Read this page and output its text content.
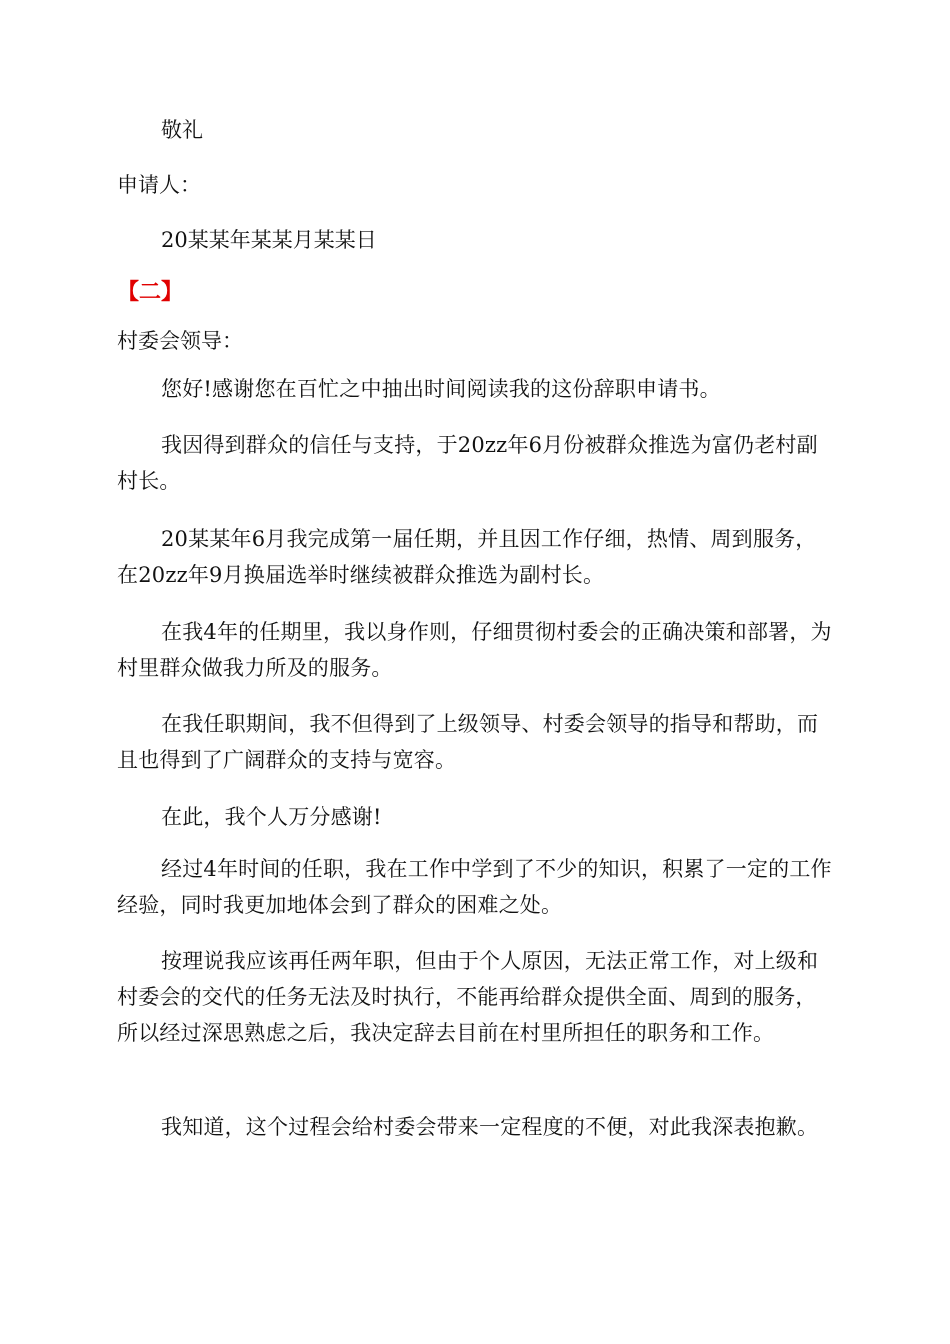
敬礼
申请人：
20某某年某某月某某日
【二】
村委会领导：
您好!感谢您在百忙之中抽出时间阅读我的这份辞职申请书。
我因得到群众的信任与支持，于20zz年6月份被群众推选为富仍老村副村长。
20某某年6月我完成第一届任期，并且因工作仔细，热情、周到服务，在20zz年9月换届选举时继续被群众推选为副村长。
在我4年的任期里，我以身作则，仔细贯彻村委会的正确决策和部署，为村里群众做我力所及的服务。
在我任职期间，我不但得到了上级领导、村委会领导的指导和帮助，而且也得到了广阔群众的支持与宽容。
在此，我个人万分感谢!
经过4年时间的任职，我在工作中学到了不少的知识，积累了一定的工作经验，同时我更加地体会到了群众的困难之处。
按理说我应该再任两年职，但由于个人原因，无法正常工作，对上级和村委会的交代的任务无法及时执行，不能再给群众提供全面、周到的服务，所以经过深思熟虑之后，我决定辞去目前在村里所担任的职务和工作。
我知道，这个过程会给村委会带来一定程度的不便，对此我深表抱歉。
